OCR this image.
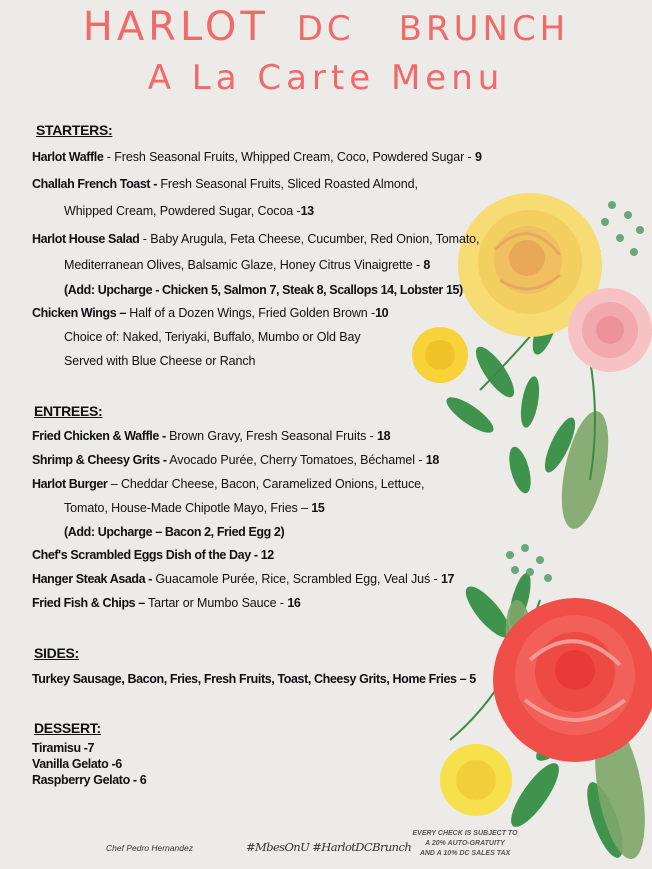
HARLOT DC BRUNCH
A La Carte Menu
STARTERS:
Harlot Waffle - Fresh Seasonal Fruits, Whipped Cream, Coco, Powdered Sugar - 9
Challah French Toast - Fresh Seasonal Fruits, Sliced Roasted Almond,
Whipped Cream, Powdered Sugar, Cocoa -13
Harlot House Salad - Baby Arugula, Feta Cheese, Cucumber, Red Onion, Tomato,
Mediterranean Olives, Balsamic Glaze, Honey Citrus Vinaigrette - 8
(Add: Upcharge - Chicken 5, Salmon 7, Steak 8, Scallops 14, Lobster 15)
Chicken Wings – Half of a Dozen Wings, Fried Golden Brown -10
Choice of: Naked, Teriyaki, Buffalo, Mumbo or Old Bay
Served with Blue Cheese or Ranch
ENTREES:
Fried Chicken & Waffle - Brown Gravy, Fresh Seasonal Fruits - 18
Shrimp & Cheesy Grits - Avocado Purée, Cherry Tomatoes, Béchamel - 18
Harlot Burger – Cheddar Cheese, Bacon, Caramelized Onions, Lettuce,
Tomato, House-Made Chipotle Mayo, Fries – 15
(Add: Upcharge – Bacon 2, Fried Egg 2)
Chef's Scrambled Eggs Dish of the Day - 12
Hanger Steak Asada - Guacamole Purée, Rice, Scrambled Egg, Veal Juś - 17
Fried Fish & Chips – Tartar or Mumbo Sauce - 16
SIDES:
Turkey Sausage, Bacon, Fries, Fresh Fruits, Toast, Cheesy Grits, Home Fries – 5
DESSERT:
Tiramisu -7
Vanilla Gelato -6
Raspberry Gelato - 6
Chef Pedro Hernandez	#MbesOnU #HarlotDCBrunch
EVERY CHECK IS SUBJECT TO
A 20% AUTO-GRATUITY
AND A 10% DC SALES TAX
